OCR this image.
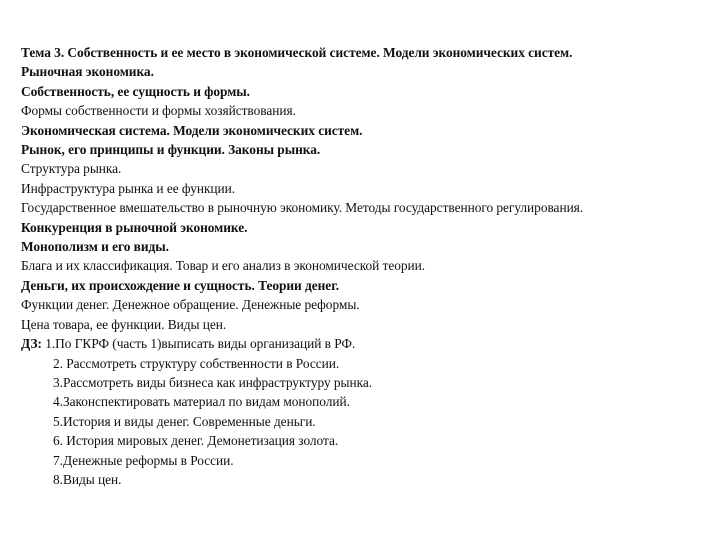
Тема 3. Собственность и ее место в экономической системе. Модели экономических систем.
Рыночная экономика.
Собственность, ее сущность и формы.
Формы собственности и формы хозяйствования.
Экономическая система. Модели экономических систем.
Рынок, его принципы и функции. Законы рынка.
Структура рынка.
Инфраструктура рынка и ее функции.
Государственное вмешательство в рыночную экономику. Методы государственного регулирования.
Конкуренция в рыночной экономике.
Монополизм и его виды.
Блага и их классификация. Товар и его анализ в экономической теории.
Деньги, их происхождение и сущность. Теории денег.
Функции денег. Денежное обращение. Денежные реформы.
Цена товара, ее функции. Виды цен.
ДЗ: 1.По ГКРФ (часть 1)выписать виды организаций в РФ.
2. Рассмотреть структуру собственности в России.
3.Рассмотреть виды бизнеса как инфраструктуру рынка.
4.Законспектировать материал по видам монополий.
5.История и виды денег. Современные деньги.
6. История мировых денег. Демонетизация золота.
7.Денежные реформы в России.
8.Виды цен.
